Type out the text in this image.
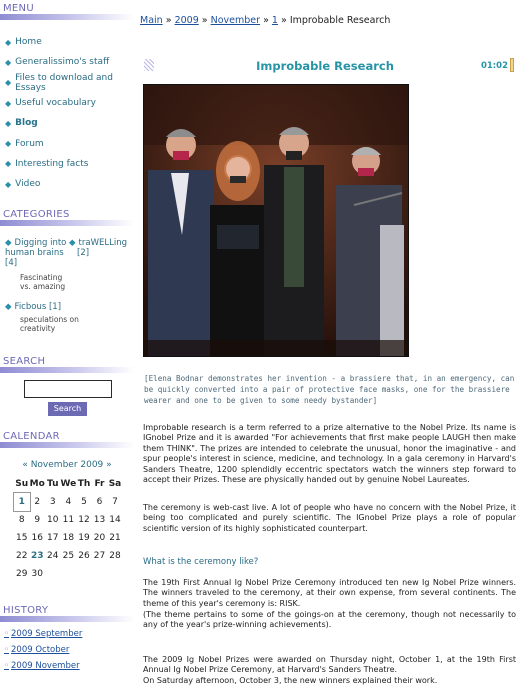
MENU
◆ Home
◆ Generalissimo's staff
◆ Files to download and Essays
◆ Useful vocabulary
◆ Blog
◆ Forum
◆ Interesting facts
◆ Video
CATEGORIES
◆ Digging into human brains
[4]
Fascinating vs. amazing
◆ traWELLing
[2]
◆ Ficbous [1]
speculations on creativity
SEARCH
Search
CALENDAR
« November 2009 »
Su	Mo	Tu	We	Th	Fr	Sa
1	2	3	4	5	6	7
8	9	10	11	12	13	14
15	16	17	18	19	20	21
22	23	24	25	26	27	28
29	30					
HISTORY
◦ 2009 September
◦ 2009 October
◦ 2009 November
Main » 2009 » November » 1 » Improbable Research
Improbable Research	01:02
[Elena Bodnar demonstrates her invention - a brassiere that, in an emergency, can be quickly converted into a pair of protective face masks, one for the brassiere wearer and one to be given to some needy bystander]
Improbable research is a term referred to a prize alternative to the Nobel Prize. Its name is IGnobel Prize and it is awarded "For achievements that first make people LAUGH then make them THINK". The prizes are intended to celebrate the unusual, honor the imaginative - and spur people's interest in science, medicine, and technology. In a gala ceremony in Harvard's Sanders Theatre, 1200 splendidly eccentric spectators watch the winners step forward to accept their Prizes. These are physically handed out by genuine Nobel Laureates.
The ceremony is web-cast live. A lot of people who have no concern with the Nobel Prize, it being too complicated and purely scientific. The IGnobel Prize plays a role of popular scientific version of its highly sophisticated counterpart.
What is the ceremony like?
The 19th First Annual Ig Nobel Prize Ceremony introduced ten new Ig Nobel Prize winners. The winners traveled to the ceremony, at their own expense, from several continents. The theme of this year's ceremony is: RISK.
(The theme pertains to some of the goings-on at the ceremony, though not necessarily to any of the year's prize-winning achievements).
The 2009 Ig Nobel Prizes were awarded on Thursday night, October 1, at the 19th First Annual Ig Nobel Prize Ceremony, at Harvard's Sanders Theatre.
On Saturday afternoon, October 3, the new winners explained their work.
